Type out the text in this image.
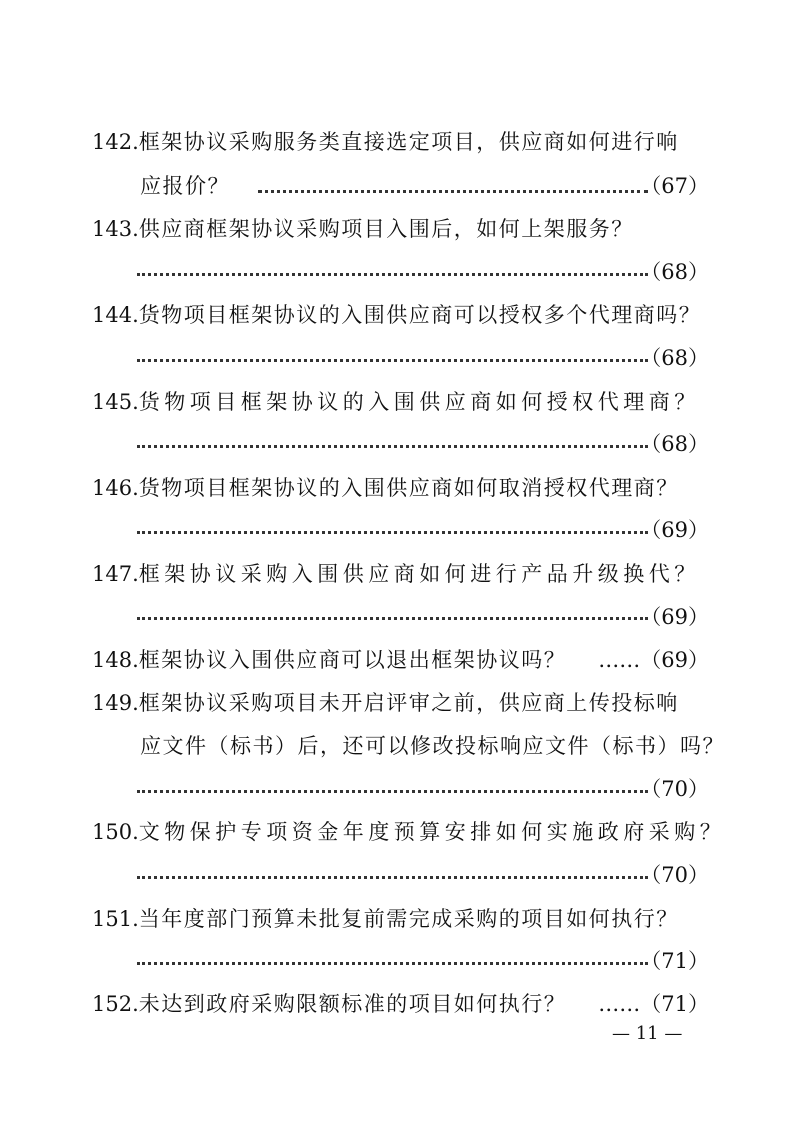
142.框架协议采购服务类直接选定项目，供应商如何进行响
应报价？	（67）
143.供应商框架协议采购项目入围后，如何上架服务？
（68）
144.货物项目框架协议的入围供应商可以授权多个代理商吗？
（68）
145.货物项目框架协议的入围供应商如何授权代理商？
（68）
146.货物项目框架协议的入围供应商如何取消授权代理商？
（69）
147.框架协议采购入围供应商如何进行产品升级换代？
（69）
148.框架协议入围供应商可以退出框架协议吗？ ……（69）
149.框架协议采购项目未开启评审之前，供应商上传投标响
应文件（标书）后，还可以修改投标响应文件（标书）吗？
（70）
150.文物保护专项资金年度预算安排如何实施政府采购？
（70）
151.当年度部门预算未批复前需完成采购的项目如何执行？
（71）
152.未达到政府采购限额标准的项目如何执行？ ……（71）
— 11 —
